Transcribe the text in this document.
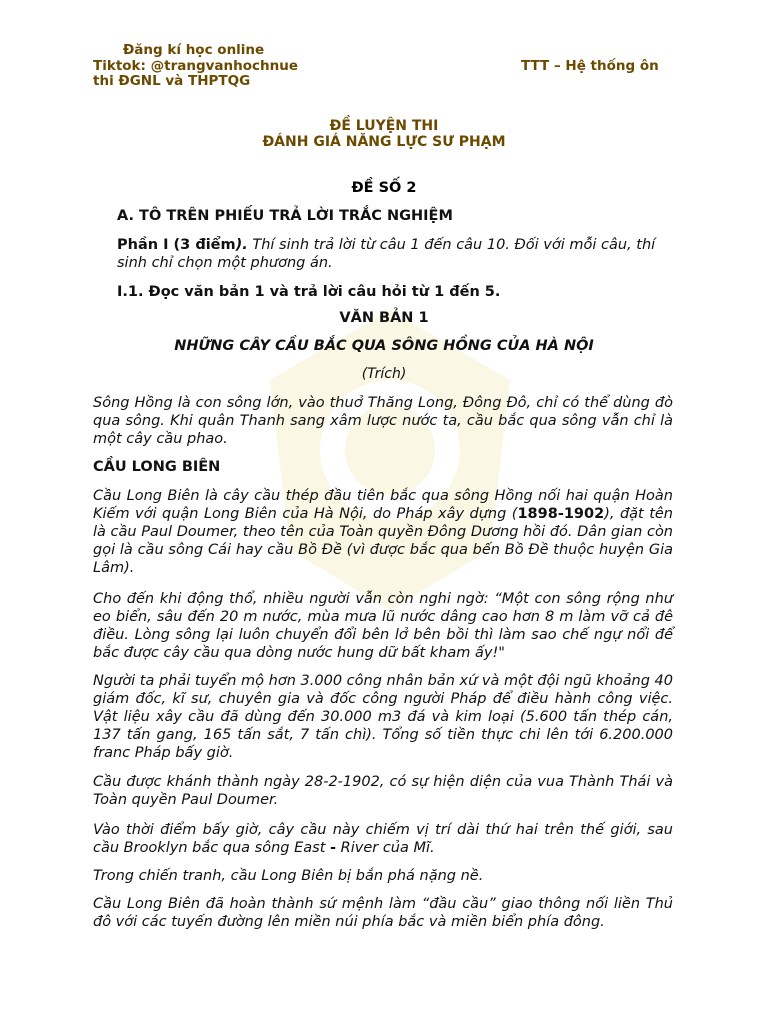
Đăng kí học online
Tiktok: @trangvanhochnue	TTT – Hệ thống ôn
thi ĐGNL và THPTQG
ĐỀ LUYỆN THI
ĐÁNH GIÁ NĂNG LỰC SƯ PHẠM
ĐỀ SỐ 2
A. TÔ TRÊN PHIẾU TRẢ LỜI TRẮC NGHIỆM
Phần I (3 điểm). Thí sinh trả lời từ câu 1 đến câu 10. Đối với mỗi câu, thí sinh chỉ chọn một phương án.
I.1. Đọc văn bản 1 và trả lời câu hỏi từ 1 đến 5.
VĂN BẢN 1
NHỮNG CÂY CẦU BẮC QUA SÔNG HỒNG CỦA HÀ NỘI
(Trích)
Sông Hồng là con sông lớn, vào thuở Thăng Long, Đông Đô, chỉ có thể dùng đò qua sông. Khi quân Thanh sang xâm lược nước ta, cầu bắc qua sông vẫn chỉ là một cây cầu phao.
CẦU LONG BIÊN
Cầu Long Biên là cây cầu thép đầu tiên bắc qua sông Hồng nối hai quận Hoàn Kiếm với quận Long Biên của Hà Nội, do Pháp xây dựng (1898-1902), đặt tên là cầu Paul Doumer, theo tên của Toàn quyền Đông Dương hồi đó. Dân gian còn gọi là cầu sông Cái hay cầu Bồ Đề (vì được bắc qua bến Bồ Đề thuộc huyện Gia Lâm).
Cho đến khi động thổ, nhiều người vẫn còn nghi ngờ: “Một con sông rộng như eo biển, sâu đến 20 m nước, mùa mưa lũ nước dâng cao hơn 8 m làm vỡ cả đê điều. Lòng sông lại luôn chuyển đổi bên lở bên bồi thì làm sao chế ngự nổi để bắc được cây cầu qua dòng nước hung dữ bất kham ấy!"
Người ta phải tuyển mộ hơn 3.000 công nhân bản xứ và một đội ngũ khoảng 40 giám đốc, kĩ sư, chuyên gia và đốc công người Pháp để điều hành công việc. Vật liệu xây cầu đã dùng đến 30.000 m3 đá và kim loại (5.600 tấn thép cán, 137 tấn gang, 165 tấn sắt, 7 tấn chì). Tổng số tiền thực chi lên tới 6.200.000 franc Pháp bấy giờ.
Cầu được khánh thành ngày 28-2-1902, có sự hiện diện của vua Thành Thái và Toàn quyền Paul Doumer.
Vào thời điểm bấy giờ, cây cầu này chiếm vị trí dài thứ hai trên thế giới, sau cầu Brooklyn bắc qua sông East - River của Mĩ.
Trong chiến tranh, cầu Long Biên bị bắn phá nặng nề.
Cầu Long Biên đã hoàn thành sứ mệnh làm “đầu cầu” giao thông nối liền Thủ đô với các tuyến đường lên miền núi phía bắc và miền biển phía đông.
